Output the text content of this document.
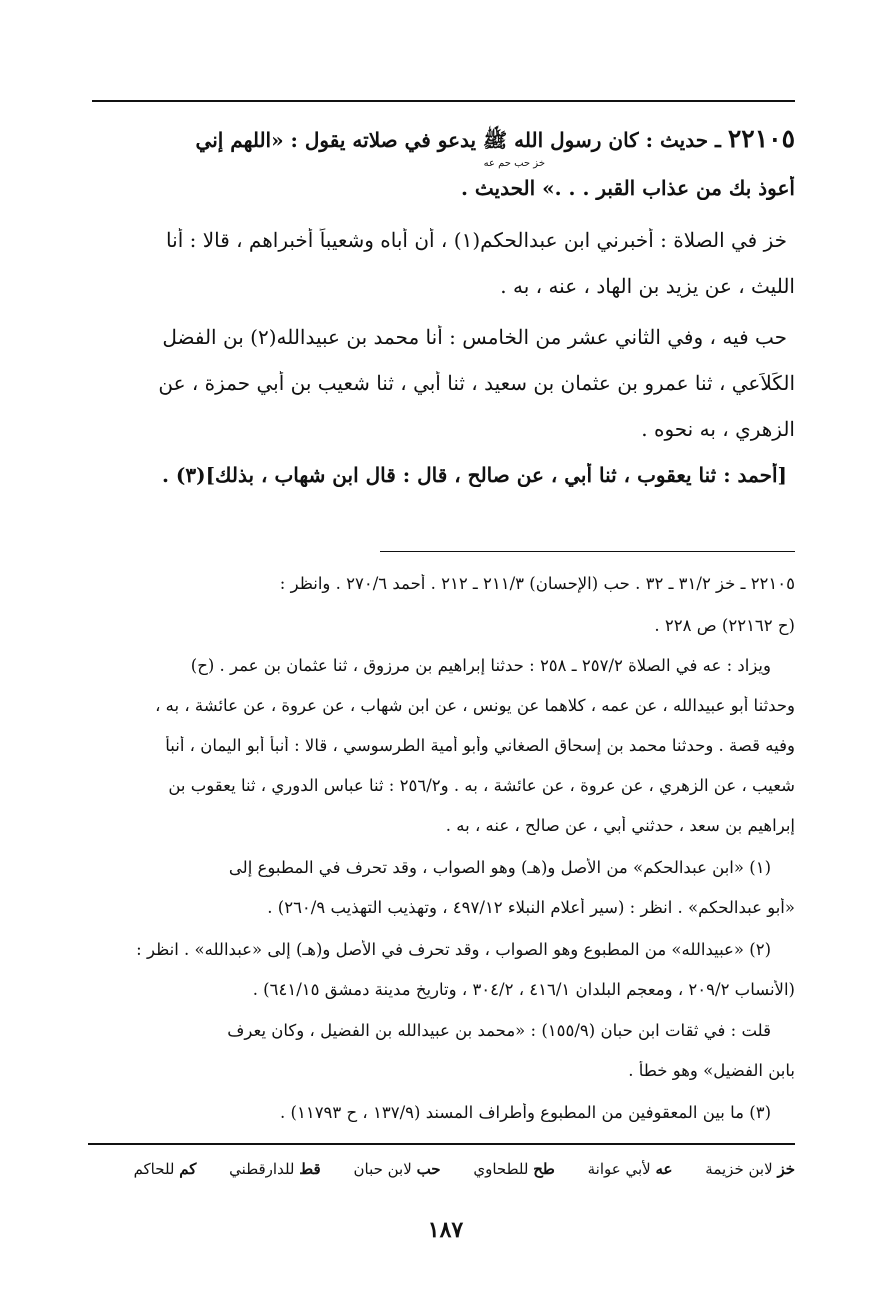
٢٢١٠٥ ـ حديث : كان رسول الله ﷺ يدعو في صلاته يقول : «اللهم إني
خز حب حم عه
أعوذ بك من عذاب القبر . . .» الحديث .
خز في الصلاة : أخبرني ابن عبدالحكم(١) ، أن أباه وشعيباً أخبراهم ، قالا : أنا
الليث ، عن يزيد بن الهاد ، عنه ، به .
حب فيه ، وفي الثاني عشر من الخامس : أنا محمد بن عبيدالله(٢) بن الفضل
الكَلاَعي ، ثنا عمرو بن عثمان بن سعيد ، ثنا أبي ، ثنا شعيب بن أبي حمزة ، عن
الزهري ، به نحوه .
[أحمد : ثنا يعقوب ، ثنا أبي ، عن صالح ، قال : قال ابن شهاب ، بذلك](٣) .
٢٢١٠٥ ـ خز ٣١/٢ ـ ٣٢ . حب (الإحسان) ٢١١/٣ ـ ٢١٢ . أحمد ٢٧٠/٦ . وانظر :
(ح ٢٢١٦٢) ص ٢٢٨ .
ويزاد : عه في الصلاة ٢٥٧/٢ ـ ٢٥٨ : حدثنا إبراهيم بن مرزوق ، ثنا عثمان بن عمر . (ح)
وحدثنا أبو عبيدالله ، عن عمه ، كلاهما عن يونس ، عن ابن شهاب ، عن عروة ، عن عائشة ، به ،
وفيه قصة . وحدثنا محمد بن إسحاق الصغاني وأبو أمية الطرسوسي ، قالا : أنبأ أبو اليمان ، أنبأ
شعيب ، عن الزهري ، عن عروة ، عن عائشة ، به . و٢٥٦/٢ : ثنا عباس الدوري ، ثنا يعقوب بن
إبراهيم بن سعد ، حدثني أبي ، عن صالح ، عنه ، به .
(١) «ابن عبدالحكم» من الأصل و(هـ) وهو الصواب ، وقد تحرف في المطبوع إلى
«أبو عبدالحكم» . انظر : (سير أعلام النبلاء ٤٩٧/١٢ ، وتهذيب التهذيب ٢٦٠/٩) .
(٢) «عبيدالله» من المطبوع وهو الصواب ، وقد تحرف في الأصل و(هـ) إلى «عبدالله» . انظر :
(الأنساب ٢٠٩/٢ ، ومعجم البلدان ٤١٦/١ ، ٣٠٤/٢ ، وتاريخ مدينة دمشق ٦٤١/١٥) .
قلت : في ثقات ابن حبان (١٥٥/٩) : «محمد بن عبيدالله بن الفضيل ، وكان يعرف
بابن الفضيل» وهو خطأ .
(٣) ما بين المعقوفين من المطبوع وأطراف المسند (١٣٧/٩ ، ح ١١٧٩٣) .
خز لابن خزيمة عه لأبي عوانة طح للطحاوي حب لابن حبان قط للدارقطني كم للحاكم
١٨٧
